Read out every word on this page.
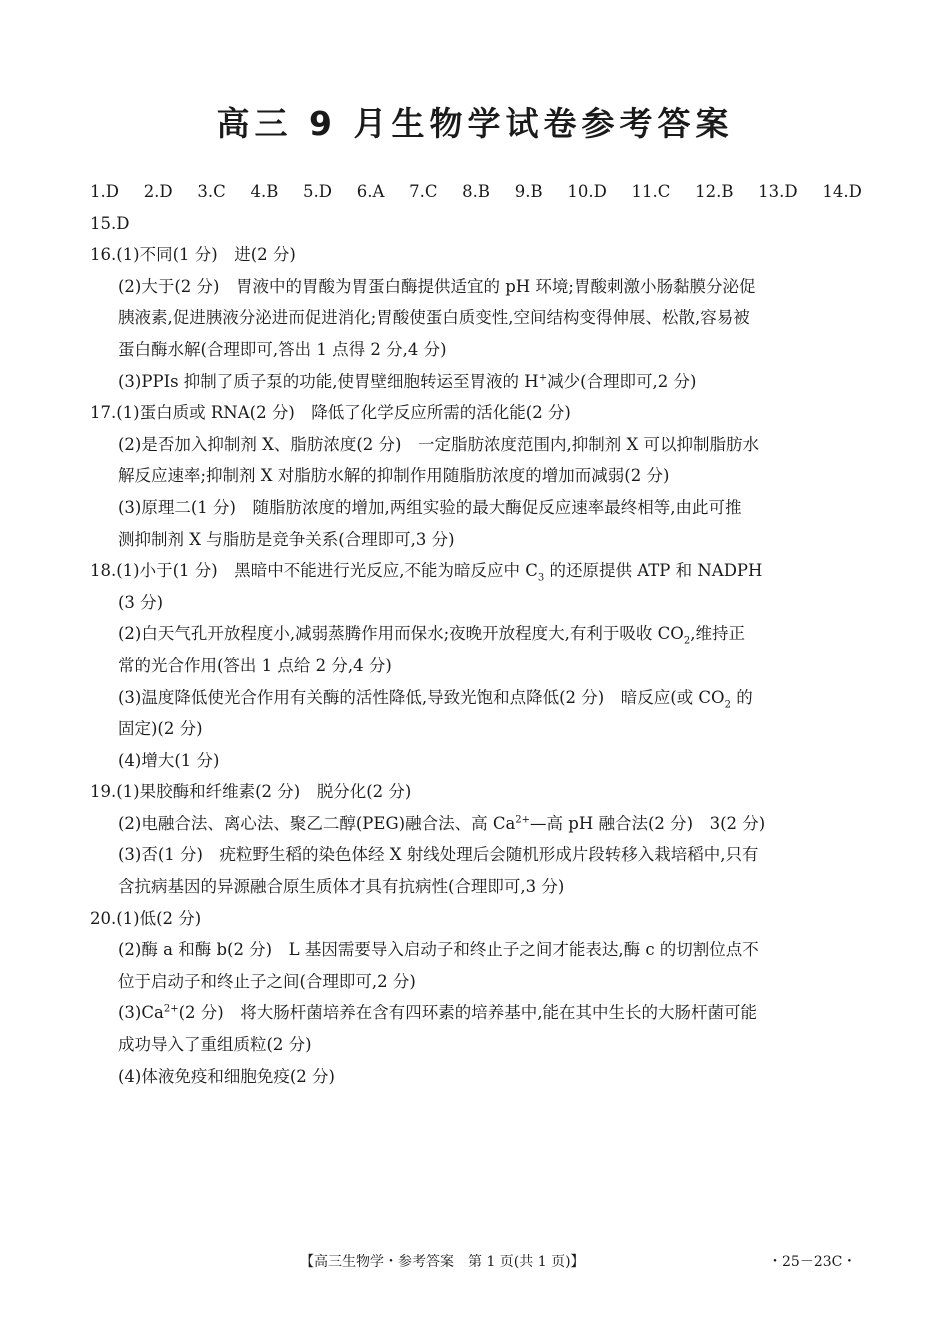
高三 9 月生物学试卷参考答案
1.D 2.D 3.C 4.B 5.D 6.A 7.C 8.B 9.B 10.D 11.C 12.B 13.D 14.D
15.D
16.(1)不同(1 分)　进(2 分)
(2)大于(2 分)　胃液中的胃酸为胃蛋白酶提供适宜的 pH 环境;胃酸刺激小肠黏膜分泌促
胰液素,促进胰液分泌进而促进消化;胃酸使蛋白质变性,空间结构变得伸展、松散,容易被
蛋白酶水解(合理即可,答出 1 点得 2 分,4 分)
(3)PPIs 抑制了质子泵的功能,使胃壁细胞转运至胃液的 H+减少(合理即可,2 分)
17.(1)蛋白质或 RNA(2 分)　降低了化学反应所需的活化能(2 分)
(2)是否加入抑制剂 X、脂肪浓度(2 分)　一定脂肪浓度范围内,抑制剂 X 可以抑制脂肪水
解反应速率;抑制剂 X 对脂肪水解的抑制作用随脂肪浓度的增加而减弱(2 分)
(3)原理二(1 分)　随脂肪浓度的增加,两组实验的最大酶促反应速率最终相等,由此可推
测抑制剂 X 与脂肪是竞争关系(合理即可,3 分)
18.(1)小于(1 分)　黑暗中不能进行光反应,不能为暗反应中 $C_3$ 的还原提供 ATP 和 NADPH
(3 分)
(2)白天气孔开放程度小,减弱蒸腾作用而保水;夜晚开放程度大,有利于吸收 $CO_2$,维持正
常的光合作用(答出 1 点给 2 分,4 分)
(3)温度降低使光合作用有关酶的活性降低,导致光饱和点降低(2 分)　暗反应(或 $CO_2$ 的
固定)(2 分)
(4)增大(1 分)
19.(1)果胶酶和纤维素(2 分)　脱分化(2 分)
(2)电融合法、离心法、聚乙二醇(PEG)融合法、高 $Ca^{2+}—$高 pH 融合法(2 分)　3(2 分)
(3)否(1 分)　疣粒野生稻的染色体经 X 射线处理后会随机形成片段转移入栽培稻中,只有
含抗病基因的异源融合原生质体才具有抗病性(合理即可,3 分)
20.(1)低(2 分)
(2)酶 a 和酶 b(2 分)　L 基因需要导入启动子和终止子之间才能表达,酶 c 的切割位点不
位于启动子和终止子之间(合理即可,2 分)
$(3)Ca^{2+}(2$ 分)　将大肠杆菌培养在含有四环素的培养基中,能在其中生长的大肠杆菌可能
成功导入了重组质粒(2 分)
(4)体液免疫和细胞免疫(2 分)
【高三生物学・参考答案　第 1 页(共 1 页)】	・25－23C・
